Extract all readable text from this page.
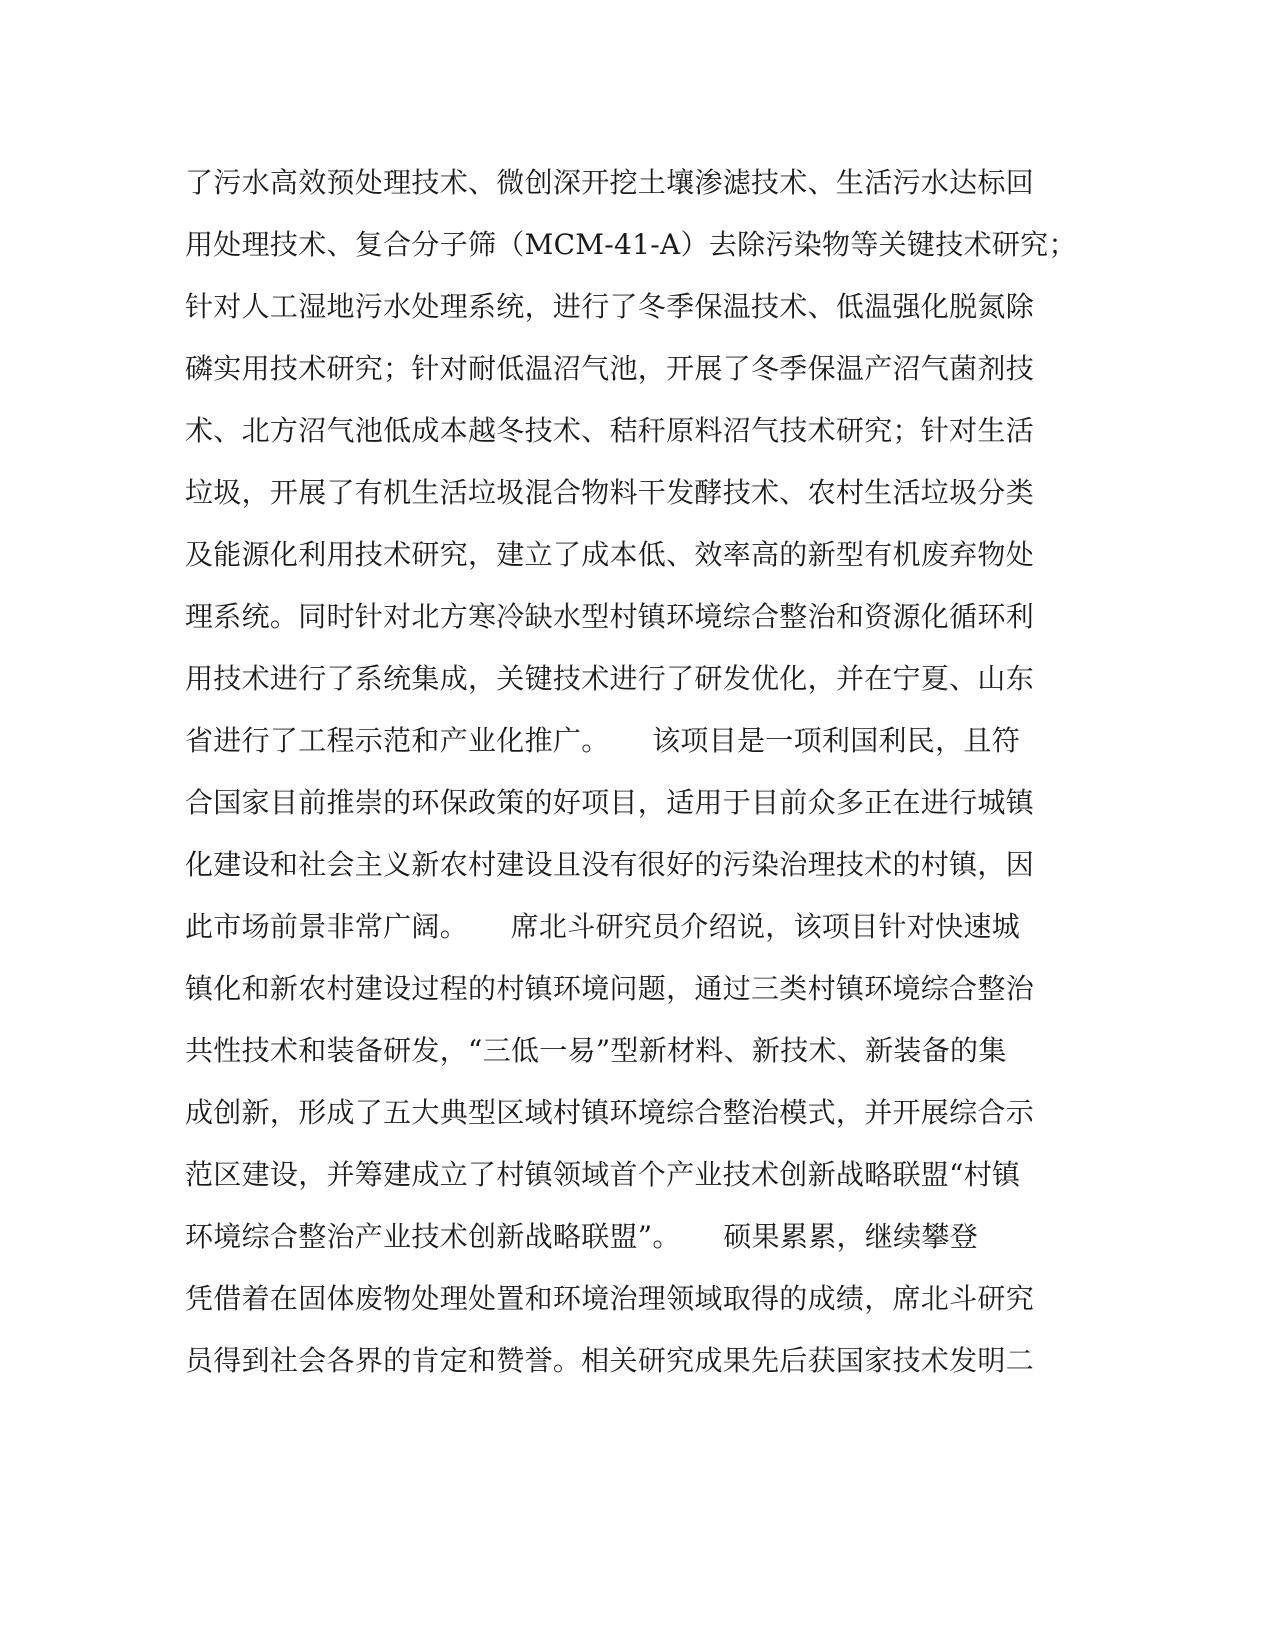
了污水高效预处理技术、微创深开挖土壤渗滤技术、生活污水达标回
用处理技术、复合分子筛（MCM-41-A）去除污染物等关键技术研究；
针对人工湿地污水处理系统，进行了冬季保温技术、低温强化脱氮除
磷实用技术研究；针对耐低温沼气池，开展了冬季保温产沼气菌剂技
术、北方沼气池低成本越冬技术、秸秆原料沼气技术研究；针对生活
垃圾，开展了有机生活垃圾混合物料干发酵技术、农村生活垃圾分类
及能源化利用技术研究，建立了成本低、效率高的新型有机废弃物处
理系统。同时针对北方寒冷缺水型村镇环境综合整治和资源化循环利
用技术进行了系统集成，关键技术进行了研发优化，并在宁夏、山东
省进行了工程示范和产业化推广。　　该项目是一项利国利民，且符
合国家目前推崇的环保政策的好项目，适用于目前众多正在进行城镇
化建设和社会主义新农村建设且没有很好的污染治理技术的村镇，因
此市场前景非常广阔。　　席北斗研究员介绍说，该项目针对快速城
镇化和新农村建设过程的村镇环境问题，通过三类村镇环境综合整治
共性技术和装备研发，“三低一易”型新材料、新技术、新装备的集
成创新，形成了五大典型区域村镇环境综合整治模式，并开展综合示
范区建设，并筹建成立了村镇领域首个产业技术创新战略联盟“村镇
环境综合整治产业技术创新战略联盟”。　　硕果累累，继续攀登
凭借着在固体废物处理处置和环境治理领域取得的成绩，席北斗研究
员得到社会各界的肯定和赞誉。相关研究成果先后获国家技术发明二
